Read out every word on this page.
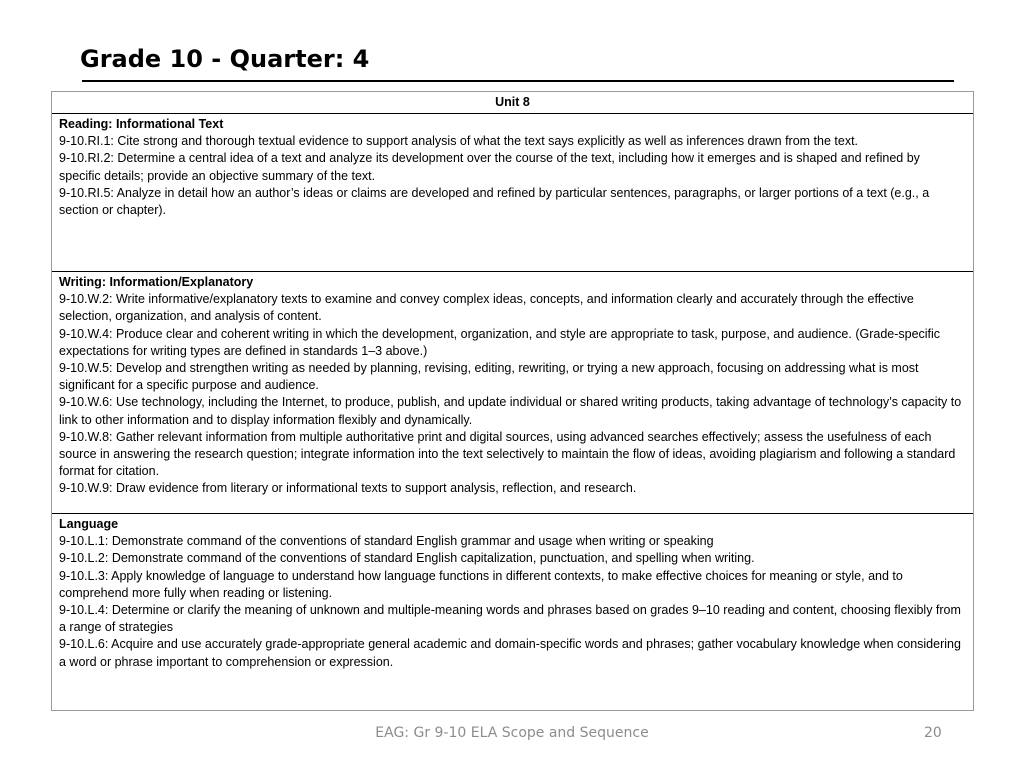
Grade 10 - Quarter: 4
Unit 8
Reading: Informational Text
9-10.RI.1: Cite strong and thorough textual evidence to support analysis of what the text says explicitly as well as inferences drawn from the text.
9-10.RI.2: Determine a central idea of a text and analyze its development over the course of the text, including how it emerges and is shaped and refined by specific details; provide an objective summary of the text.
9-10.RI.5: Analyze in detail how an author’s ideas or claims are developed and refined by particular sentences, paragraphs, or larger portions of a text (e.g., a section or chapter).
Writing: Information/Explanatory
9-10.W.2: Write informative/explanatory texts to examine and convey complex ideas, concepts, and information clearly and accurately through the effective selection, organization, and analysis of content.
9-10.W.4: Produce clear and coherent writing in which the development, organization, and style are appropriate to task, purpose, and audience. (Grade-specific expectations for writing types are defined in standards 1–3 above.)
9-10.W.5: Develop and strengthen writing as needed by planning, revising, editing, rewriting, or trying a new approach, focusing on addressing what is most significant for a specific purpose and audience.
9-10.W.6: Use technology, including the Internet, to produce, publish, and update individual or shared writing products, taking advantage of technology’s capacity to link to other information and to display information flexibly and dynamically.
9-10.W.8: Gather relevant information from multiple authoritative print and digital sources, using advanced searches effectively; assess the usefulness of each source in answering the research question; integrate information into the text selectively to maintain the flow of ideas, avoiding plagiarism and following a standard format for citation.
9-10.W.9: Draw evidence from literary or informational texts to support analysis, reflection, and research.
Language
9-10.L.1: Demonstrate command of the conventions of standard English grammar and usage when writing or speaking
9-10.L.2: Demonstrate command of the conventions of standard English capitalization, punctuation, and spelling when writing.
9-10.L.3: Apply knowledge of language to understand how language functions in different contexts, to make effective choices for meaning or style, and to comprehend more fully when reading or listening.
9-10.L.4: Determine or clarify the meaning of unknown and multiple-meaning words and phrases based on grades 9–10 reading and content, choosing flexibly from a range of strategies
9-10.L.6: Acquire and use accurately grade-appropriate general academic and domain-specific words and phrases; gather vocabulary knowledge when considering a word or phrase important to comprehension or expression.
EAG: Gr 9-10 ELA Scope and Sequence	20
